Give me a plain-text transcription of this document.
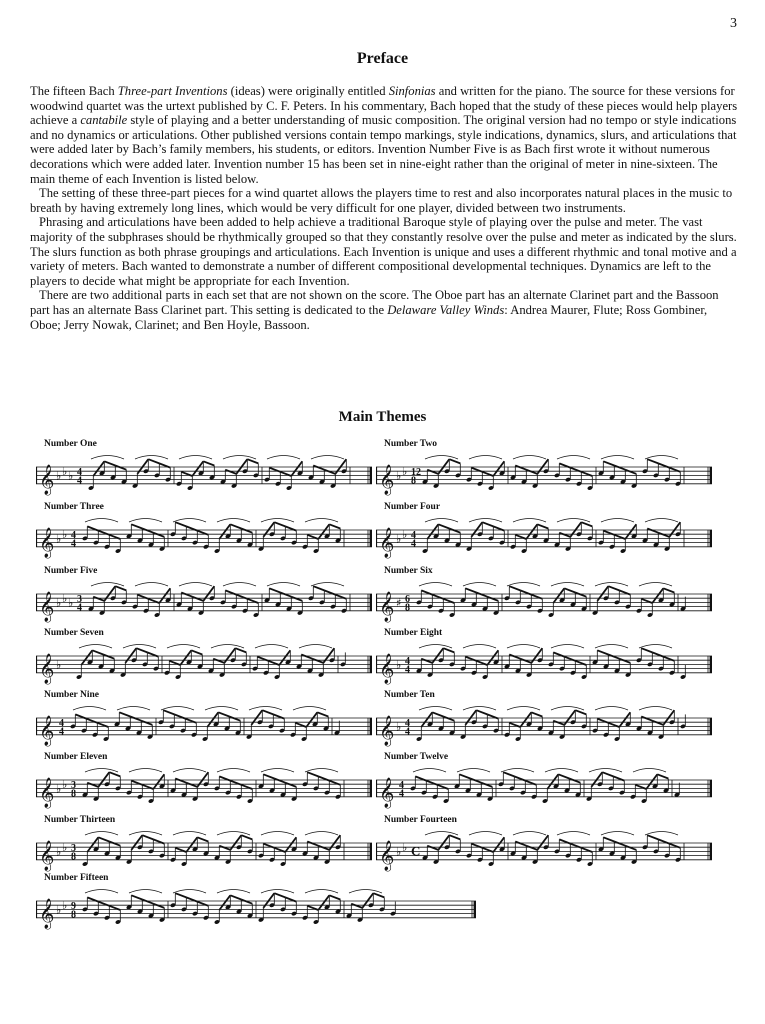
3
Preface

The fifteen Bach Three-part Inventions (ideas) were originally entitled Sinfonias and written for the piano. The source for these versions for woodwind quartet was the urtext published by C. F. Peters. In his commentary, Bach hoped that the study of these pieces would help players achieve a cantabile style of playing and a better understanding of music composition. The original version had no tempo or style indications and no dynamics or articulations. Other published versions contain tempo markings, style indications, dynamics, slurs, and articulations that were added later by Bach’s family members, his students, or editors. Invention Number Five is as Bach first wrote it without numerous decorations which were added later. Invention number 15 has been set in nine-eight rather than the original of meter in nine-sixteen. The main theme of each Invention is listed below.

The setting of these three-part pieces for a wind quartet allows the players time to rest and also incorporates natural places in the music to breath by having extremely long lines, which would be very difficult for one player, divided between two instruments.

Phrasing and articulations have been added to help achieve a traditional Baroque style of playing over the pulse and meter. The vast majority of the subphrases should be rhythmically grouped so that they constantly resolve over the pulse and meter as indicated by the slurs. The slurs function as both phrase groupings and articulations. Each Invention is unique and uses a different rhythmic and tonal motive and a variety of meters. Bach wanted to demonstrate a number of different compositional developmental techniques. Dynamics are left to the players to decide what might be appropriate for each Invention.

There are two additional parts in each set that are not shown on the score. The Oboe part has an alternate Clarinet part and the Bassoon part has an alternate Bass Clarinet part. This setting is dedicated to the Delaware Valley Winds: Andrea Maurer, Flute; Ross Gombiner, Oboe; Jerry Nowak, Clarinet; and Ben Hoyle, Bassoon.

Main Themes
Number One
𝄞 ♭ ♭ ♭ 4
4
Number Two
𝄞 ♭ ♭ 12
8
Number Three
𝄞 ♭ ♭ 4
4
Number Four
𝄞 ♭ ♭ 4
4
Number Five
𝄞 ♭ ♭ ♭ 3
4
Number Six
𝄞 ♯ 6
8
Number Seven
𝄞 ♭
Number Eight
𝄞 ♭ 4
4
Number Nine
𝄞 4
4
Number Ten
𝄞 ♭ 4
4
Number Eleven
𝄞 ♭ ♭ 3
8
Number Twelve
𝄞 4
4
Number Thirteen
𝄞 ♭ ♭ 3
8
Number Fourteen
𝄞 ♭ ♭ C
Number Fifteen
𝄞 ♭ ♭ 9
8
